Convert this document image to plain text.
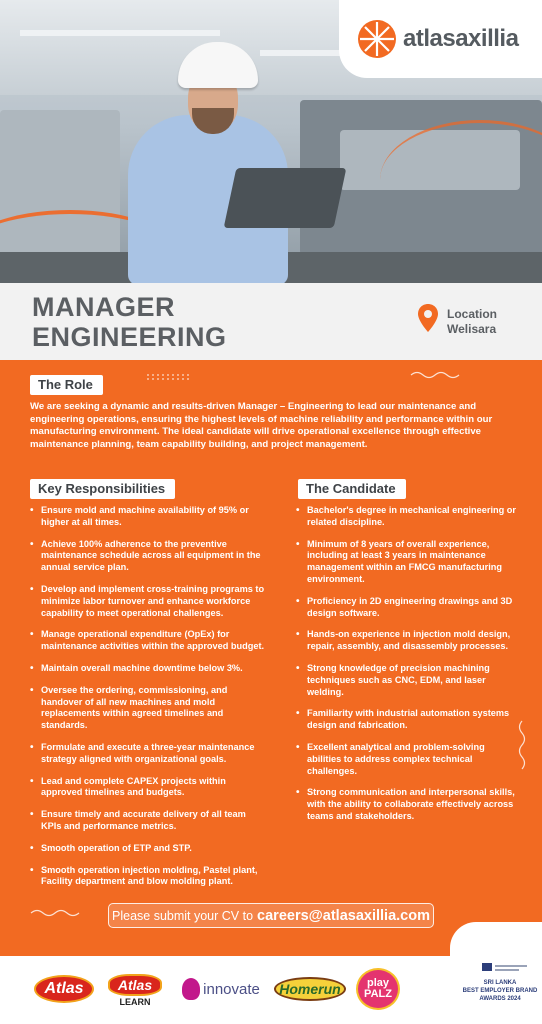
atlasaxillia
MANAGER
ENGINEERING
Location
Welisara
The Role
We are seeking a dynamic and results-driven Manager – Engineering to lead our maintenance and engineering operations, ensuring the highest levels of machine reliability and performance within our manufacturing environment. The ideal candidate will drive operational excellence through effective maintenance planning, team capability building, and project management.
Key Responsibilities	The Candidate
• Ensure mold and machine availability of 95% or higher at all times.
• Achieve 100% adherence to the preventive maintenance schedule across all equipment in the annual service plan.
• Develop and implement cross-training programs to minimize labor turnover and enhance workforce capability to meet operational challenges.
• Manage operational expenditure (OpEx) for maintenance activities within the approved budget.
• Maintain overall machine downtime below 3%.
• Oversee the ordering, commissioning, and handover of all new machines and mold replacements within agreed timelines and standards.
• Formulate and execute a three-year maintenance strategy aligned with organizational goals.
• Lead and complete CAPEX projects within approved timelines and budgets.
• Ensure timely and accurate delivery of all team KPIs and performance metrics.
• Smooth operation of ETP and STP.
• Smooth operation injection molding, Pastel plant, Facility department and blow molding plant.
• Bachelor's degree in mechanical engineering or related discipline.
• Minimum of 8 years of overall experience, including at least 3 years in maintenance management within an FMCG manufacturing environment.
• Proficiency in 2D engineering drawings and 3D design software.
• Hands-on experience in injection mold design, repair, assembly, and disassembly processes.
• Strong knowledge of precision machining techniques such as CNC, EDM, and laser welding.
• Familiarity with industrial automation systems design and fabrication.
• Excellent analytical and problem-solving abilities to address complex technical challenges.
• Strong communication and interpersonal skills, with the ability to collaborate effectively across teams and stakeholders.
Please submit your CV to careers@atlasaxillia.com
Atlas	Atlas
LEARN
innovate	Homerun	play
PALZ
SRI LANKA
BEST EMPLOYER BRAND
AWARDS 2024
